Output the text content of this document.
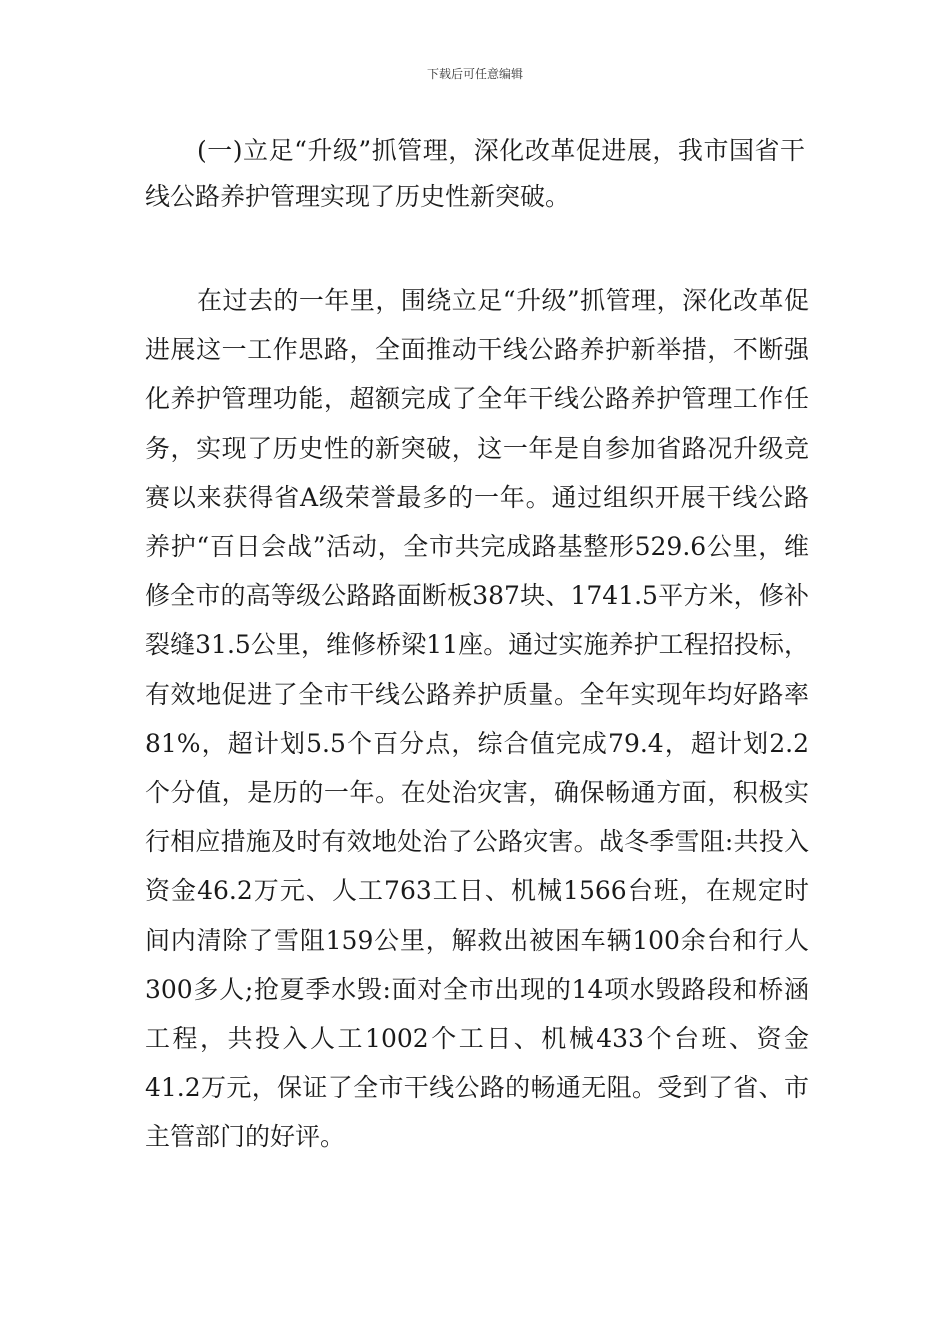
下载后可任意编辑

(一)立足“升级”抓管理，深化改革促进展，我市国省干线公路养护管理实现了历史性新突破。

在过去的一年里，围绕立足“升级”抓管理，深化改革促进展这一工作思路，全面推动干线公路养护新举措，不断强化养护管理功能，超额完成了全年干线公路养护管理工作任务，实现了历史性的新突破，这一年是自参加省路况升级竞赛以来获得省A级荣誉最多的一年。通过组织开展干线公路养护“百日会战”活动，全市共完成路基整形529.6公里，维修全市的高等级公路路面断板387块、1741.5平方米，修补裂缝31.5公里，维修桥梁11座。通过实施养护工程招投标，有效地促进了全市干线公路养护质量。全年实现年均好路率81%，超计划5.5个百分点，综合值完成79.4，超计划2.2个分值，是历的一年。在处治灾害，确保畅通方面，积极实行相应措施及时有效地处治了公路灾害。战冬季雪阻:共投入资金46.2万元、人工763工日、机械1566台班，在规定时间内清除了雪阻159公里，解救出被困车辆100余台和行人300多人;抢夏季水毁:面对全市出现的14项水毁路段和桥涵工程，共投入人工1002个工日、机械433个台班、资金41.2万元，保证了全市干线公路的畅通无阻。受到了省、市主管部门的好评。
